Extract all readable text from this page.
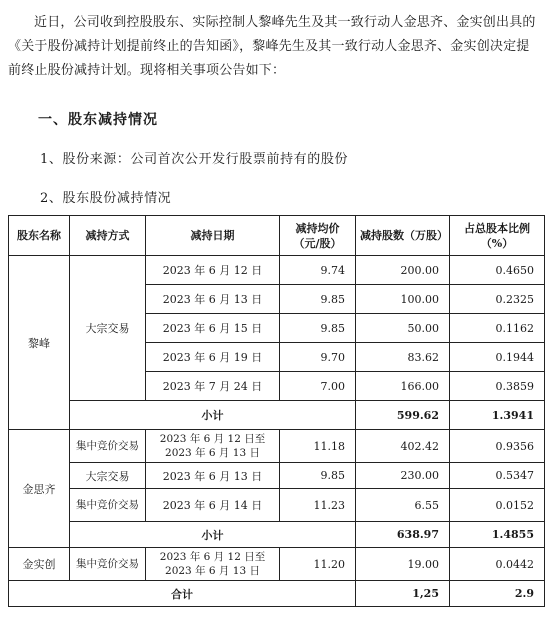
近日，公司收到控股股东、实际控制人黎峰先生及其一致行动人金思齐、金实创出具的《关于股份减持计划提前终止的告知函》，黎峰先生及其一致行动人金思齐、金实创决定提前终止股份减持计划。现将相关事项公告如下：
一、股东减持情况
1、股份来源：公司首次公开发行股票前持有的股份
2、股东股份减持情况
股东名称	减持方式	减持日期	减持均价（元/股）	减持股数（万股）	占总股本比例（%）
黎峰	大宗交易	2023 年 6 月 12 日	9.74	200.00	0.4650
		2023 年 6 月 13 日	9.85	100.00	0.2325
		2023 年 6 月 15 日	9.85	50.00	0.1162
		2023 年 6 月 19 日	9.70	83.62	0.1944
		2023 年 7 月 24 日	7.00	166.00	0.3859
	小计			599.62	1.3941
金思齐	集中竞价交易	2023 年 6 月 12 日至 2023 年 6 月 13 日	11.18	402.42	0.9356
	大宗交易	2023 年 6 月 13 日	9.85	230.00	0.5347
	集中竞价交易	2023 年 6 月 14 日	11.23	6.55	0.0152
	小计			638.97	1.4855
金实创	集中竞价交易	2023 年 6 月 12 日至 2023 年 6 月 13 日	11.20	19.00	0.0442
合计				1,25	2.9
